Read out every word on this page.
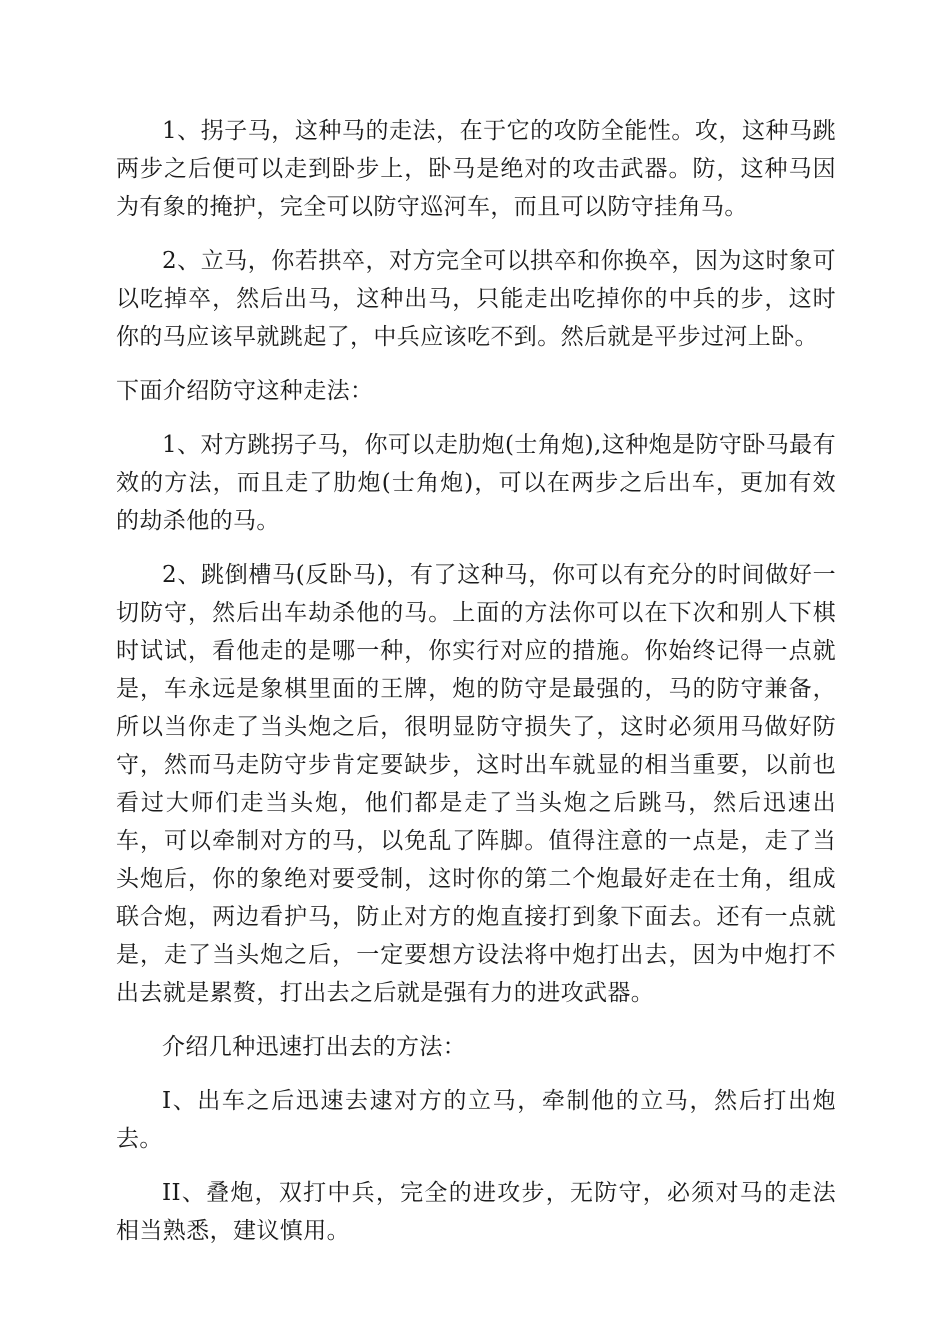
1、拐子马，这种马的走法，在于它的攻防全能性。攻，这种马跳两步之后便可以走到卧步上，卧马是绝对的攻击武器。防，这种马因为有象的掩护，完全可以防守巡河车，而且可以防守挂角马。

2、立马，你若拱卒，对方完全可以拱卒和你换卒，因为这时象可以吃掉卒，然后出马，这种出马，只能走出吃掉你的中兵的步，这时你的马应该早就跳起了，中兵应该吃不到。然后就是平步过河上卧。

下面介绍防守这种走法：

1、对方跳拐子马，你可以走肋炮(士角炮),这种炮是防守卧马最有效的方法，而且走了肋炮(士角炮)，可以在两步之后出车，更加有效的劫杀他的马。

2、跳倒槽马(反卧马)，有了这种马，你可以有充分的时间做好一切防守，然后出车劫杀他的马。上面的方法你可以在下次和别人下棋时试试，看他走的是哪一种，你实行对应的措施。你始终记得一点就是，车永远是象棋里面的王牌，炮的防守是最强的，马的防守兼备，所以当你走了当头炮之后，很明显防守损失了，这时必须用马做好防守，然而马走防守步肯定要缺步，这时出车就显的相当重要，以前也看过大师们走当头炮，他们都是走了当头炮之后跳马，然后迅速出车，可以牵制对方的马，以免乱了阵脚。值得注意的一点是，走了当头炮后，你的象绝对要受制，这时你的第二个炮最好走在士角，组成联合炮，两边看护马，防止对方的炮直接打到象下面去。还有一点就是，走了当头炮之后，一定要想方设法将中炮打出去，因为中炮打不出去就是累赘，打出去之后就是强有力的进攻武器。

介绍几种迅速打出去的方法：

I、出车之后迅速去逮对方的立马，牵制他的立马，然后打出炮去。

II、叠炮，双打中兵，完全的进攻步，无防守，必须对马的走法相当熟悉，建议慎用。
